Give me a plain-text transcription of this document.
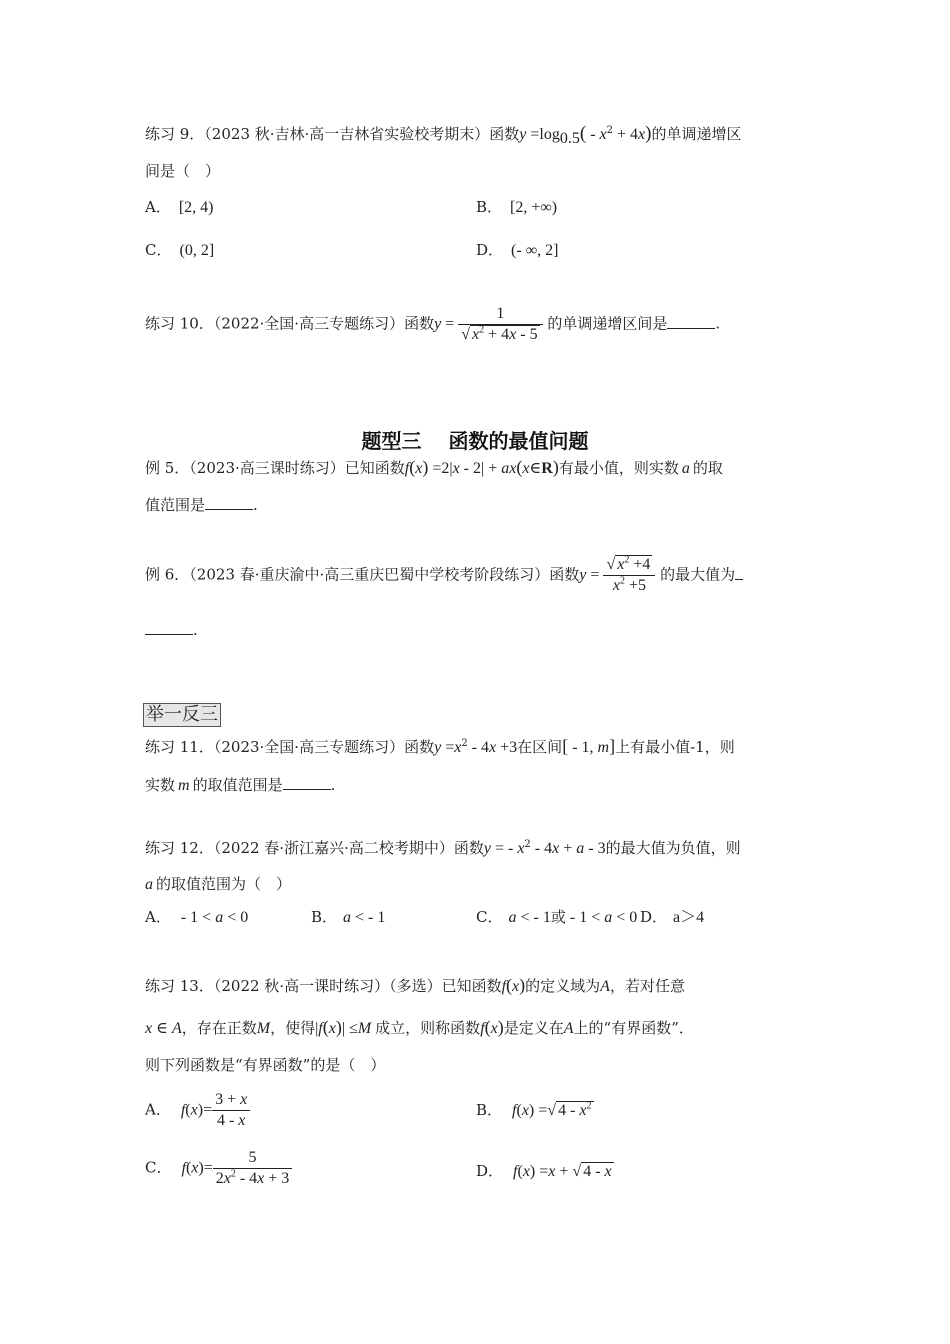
练习 9．（2023 秋·吉林·高一吉林省实验校考期末）函数$y =\log_{0.5}( - x^2 + 4x)$的单调递增区
间是（　）
A． [2, 4)	B． [2, +∞)
C． (0, 2]	D． (- ∞, 2]
练习 10．（2022·全国·高三专题练习）函数$y = \frac{1}{√ x^2 + 4x - 5}$ 的单调递增区间是	.
题型三　 函数的最值问题
例 5．（2023·高三课时练习）已知函数f(x) =2|x - 2| + ax(x∈R)有最小值，则实数 a 的取
值范围是	.
例 6．（2023 春·重庆渝中·高三重庆巴蜀中学校考阶段练习）函数$y = \frac{√ x^2 +4}{x^2 +5}$ 的最大值为
.
举一反三
练习 11．（2023·全国·高三专题练习）函数$y =x^2 - 4x +3$在区间[ - 1, m]上有最小值-1，则
实数 m 的取值范围是	.
练习 12．（2022 春·浙江嘉兴·高二校考期中）函数y = - $x^2 - 4x + a - 3$的最大值为负值，则
a 的取值范围为（　）
A． - 1 < a < 0	B． a < - 1	C． a < - 1或 - 1 < a < 0 D． a＞4
练习 13．（2022 秋·高一课时练习）（多选）已知函数f(x)的定义域为A，若对任意
x ∈ A，存在正数M，使得|f(x)| ≤M 成立，则称函数f(x)是定义在A上的“有界函数”．
则下列函数是“有界函数”的是（　）
A． $f(x)= \frac{3 + x}{4 - x}$	B． f(x) =√ $4 - x^2$
C． $f(x)= \frac{5}{2x^2 - 4x + 3}$	D． f(x) =x + √ 4 - x
